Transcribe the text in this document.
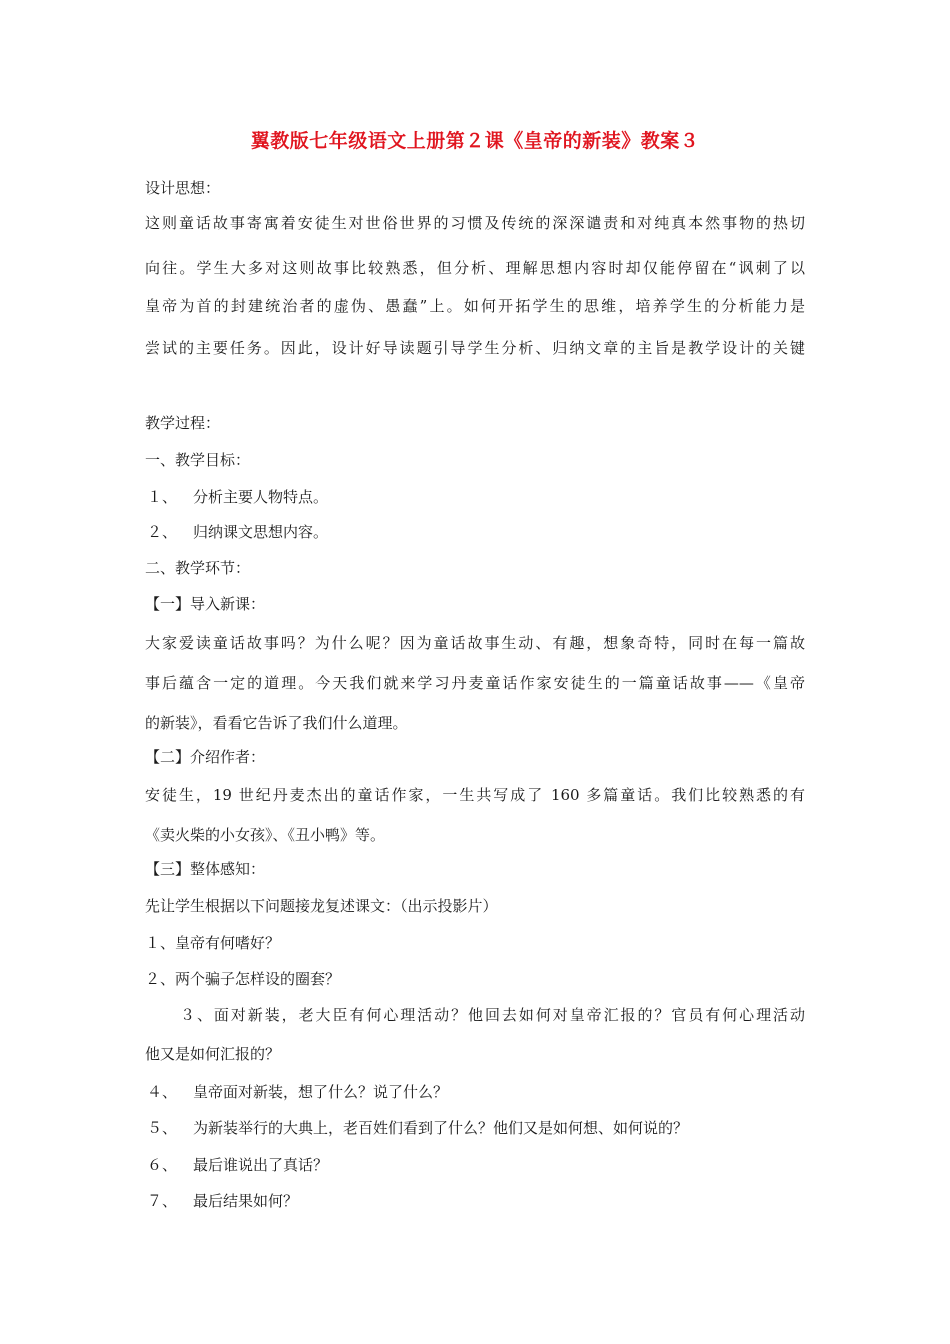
翼教版七年级语文上册第２课《皇帝的新装》教案３
设计思想：
这则童话故事寄寓着安徒生对世俗世界的习惯及传统的深深谴责和对纯真本然事物的热切
向往。学生大多对这则故事比较熟悉，但分析、理解思想内容时却仅能停留在“讽刺了以
皇帝为首的封建统治者的虚伪、愚蠢”上。如何开拓学生的思维，培养学生的分析能力是
尝试的主要任务。因此，设计好导读题引导学生分析、归纳文章的主旨是教学设计的关键
教学过程：
一、教学目标：
１、 分析主要人物特点。
２、 归纳课文思想内容。
二、教学环节：
【一】导入新课：
大家爱读童话故事吗？为什么呢？因为童话故事生动、有趣，想象奇特，同时在每一篇故
事后蕴含一定的道理。今天我们就来学习丹麦童话作家安徒生的一篇童话故事——《皇帝
的新装》，看看它告诉了我们什么道理。
【二】介绍作者：
安徒生，19 世纪丹麦杰出的童话作家，一生共写成了 160 多篇童话。我们比较熟悉的有
《卖火柴的小女孩》、《丑小鸭》等。
【三】整体感知：
先让学生根据以下问题接龙复述课文：（出示投影片）
１、皇帝有何嗜好？
２、两个骗子怎样设的圈套？
３、面对新装，老大臣有何心理活动？他回去如何对皇帝汇报的？官员有何心理活动
他又是如何汇报的？
４、 皇帝面对新装，想了什么？说了什么？
５、 为新装举行的大典上，老百姓们看到了什么？他们又是如何想、如何说的？
６、 最后谁说出了真话？
７、 最后结果如何？
